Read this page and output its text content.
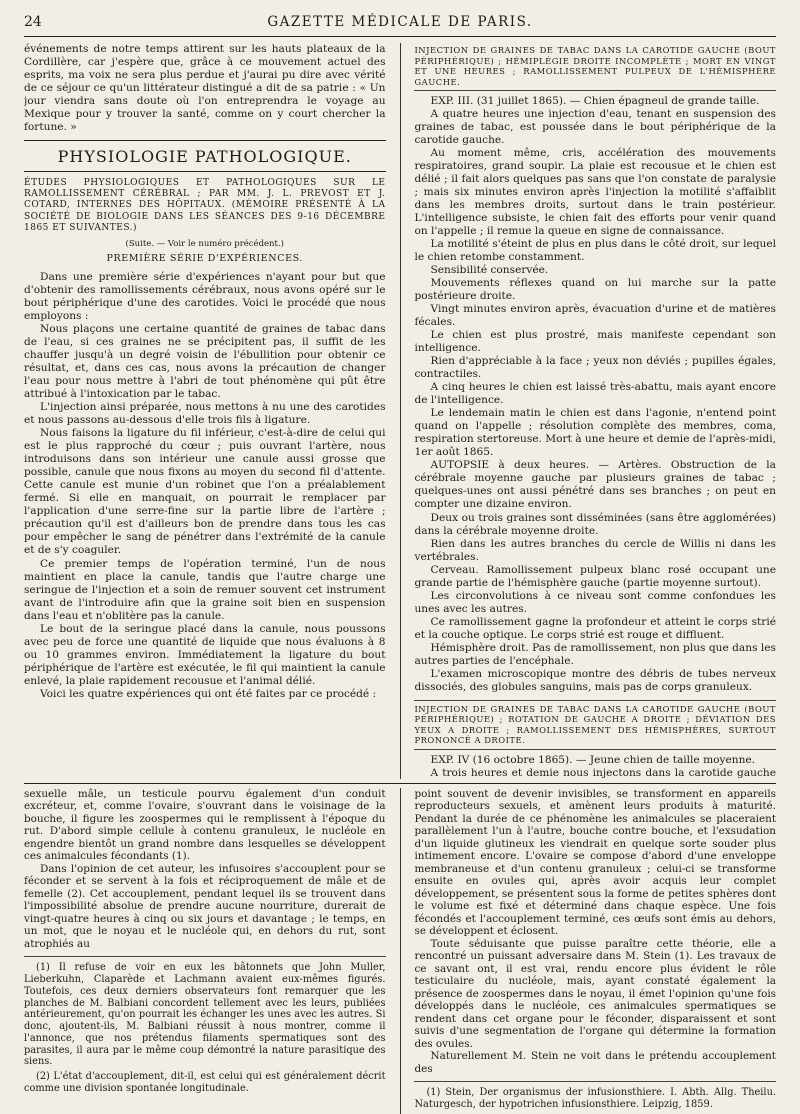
24	GAZETTE MÉDICALE DE PARIS.

événements de notre temps attirent sur les hauts plateaux de la Cordillère, car j'espère que, grâce à ce mouvement actuel des esprits, ma voix ne sera plus perdue et j'aurai pu dire avec vérité de ce séjour ce qu'un littérateur distingué a dit de sa patrie : « Un jour viendra sans doute où l'on entreprendra le voyage au Mexique pour y trouver la santé, comme on y court chercher la fortune. »

PHYSIOLOGIE PATHOLOGIQUE.

ÉTUDES PHYSIOLOGIQUES ET PATHOLOGIQUES SUR LE RAMOLLISSEMENT CÉRÉBRAL ; PAR MM. J. L. PREVOST ET J. COTARD, INTERNES DES HÔPITAUX. (MÉMOIRE PRÉSENTÉ À LA SOCIÉTÉ DE BIOLOGIE DANS LES SÉANCES DES 9-16 DÉCEMBRE 1865 ET SUIVANTES.)

(Suite. — Voir le numéro précédent.)
PREMIÈRE SÉRIE D'EXPÉRIENCES.

Dans une première série d'expériences n'ayant pour but que d'obtenir des ramollissements cérébraux, nous avons opéré sur le bout périphérique d'une des carotides. Voici le procédé que nous employons :

Nous plaçons une certaine quantité de graines de tabac dans de l'eau, si ces graines ne se précipitent pas, il suffit de les chauffer jusqu'à un degré voisin de l'ébullition pour obtenir ce résultat, et, dans ces cas, nous avons la précaution de changer l'eau pour nous mettre à l'abri de tout phénomène qui pût être attribué à l'intoxication par le tabac.

L'injection ainsi préparée, nous mettons à nu une des carotides et nous passons au-dessous d'elle trois fils à ligature.

Nous faisons la ligature du fil inférieur, c'est-à-dire de celui qui est le plus rapproché du cœur ; puis ouvrant l'artère, nous introduisons dans son intérieur une canule aussi grosse que possible, canule que nous fixons au moyen du second fil d'attente. Cette canule est munie d'un robinet que l'on a préalablement fermé. Si elle en manquait, on pourrait le remplacer par l'application d'une serre-fine sur la partie libre de l'artère ; précaution qu'il est d'ailleurs bon de prendre dans tous les cas pour empêcher le sang de pénétrer dans l'extrémité de la canule et de s'y coaguler.

Ce premier temps de l'opération terminé, l'un de nous maintient en place la canule, tandis que l'autre charge une seringue de l'injection et a soin de remuer souvent cet instrument avant de l'introduire afin que la graine soit bien en suspension dans l'eau et n'oblitère pas la canule.

Le bout de la seringue placé dans la canule, nous poussons avec peu de force une quantité de liquide que nous évaluons à 8 ou 10 grammes environ. Immédiatement la ligature du bout périphérique de l'artère est exécutée, le fil qui maintient la canule enlevé, la plaie rapidement recousue et l'animal délié.

Voici les quatre expériences qui ont été faites par ce procédé :

INJECTION DE GRAINES DE TABAC DANS LA CAROTIDE GAUCHE (BOUT PÉRIPHÉRIQUE) ; HÉMIPLÉGIE DROITE INCOMPLÈTE ; MORT EN VINGT ET UNE HEURES ; RAMOLLISSEMENT PULPEUX DE L'HÉMISPHÈRE GAUCHE.

EXP. III. (31 juillet 1865). — Chien épagneul de grande taille.

A quatre heures une injection d'eau, tenant en suspension des graines de tabac, est poussée dans le bout périphérique de la carotide gauche.

Au moment même, cris, accélération des mouvements respiratoires, grand soupir. La plaie est recousue et le chien est délié ; il fait alors quelques pas sans que l'on constate de paralysie ; mais six minutes environ après l'injection la motilité s'affaiblit dans les membres droits, surtout dans le train postérieur. L'intelligence subsiste, le chien fait des efforts pour venir quand on l'appelle ; il remue la queue en signe de connaissance.

La motilité s'éteint de plus en plus dans le côté droit, sur lequel le chien retombe constamment.

Sensibilité conservée.

Mouvements réflexes quand on lui marche sur la patte postérieure droite.

Vingt minutes environ après, évacuation d'urine et de matières fécales.

Le chien est plus prostré, mais manifeste cependant son intelligence.

Rien d'appréciable à la face ; yeux non déviés ; pupilles égales, contractiles.

A cinq heures le chien est laissé très-abattu, mais ayant encore de l'intelligence.

Le lendemain matin le chien est dans l'agonie, n'entend point quand on l'appelle ; résolution complète des membres, coma, respiration stertoreuse. Mort à une heure et demie de l'après-midi, 1er août 1865.

AUTOPSIE à deux heures. — Artères. Obstruction de la cérébrale moyenne gauche par plusieurs graines de tabac ; quelques-unes ont aussi pénétré dans ses branches ; on peut en compter une dizaine environ.

Deux ou trois graines sont disséminées (sans être agglomérées) dans la cérébrale moyenne droite.

Rien dans les autres branches du cercle de Willis ni dans les vertébrales.

Cerveau. Ramollissement pulpeux blanc rosé occupant une grande partie de l'hémisphère gauche (partie moyenne surtout).

Les circonvolutions à ce niveau sont comme confondues les unes avec les autres.

Ce ramollissement gagne la profondeur et atteint le corps strié et la couche optique. Le corps strié est rouge et diffluent.

Hémisphère droit. Pas de ramollissement, non plus que dans les autres parties de l'encéphale.

L'examen microscopique montre des débris de tubes nerveux dissociés, des globules sanguins, mais pas de corps granuleux.

INJECTION DE GRAINES DE TABAC DANS LA CAROTIDE GAUCHE (BOUT PÉRIPHÉRIQUE) ; ROTATION DE GAUCHE A DROITE ; DÉVIATION DES YEUX A DROITE ; RAMOLLISSEMENT DES HÉMISPHÈRES, SURTOUT PRONONCÉ A DROITE.

EXP. IV (16 octobre 1865). — Jeune chien de taille moyenne.

A trois heures et demie nous injectons dans la carotide gauche

sexuelle mâle, un testicule pourvu également d'un conduit excréteur, et, comme l'ovaire, s'ouvrant dans le voisinage de la bouche, il figure les zoospermes qui le remplissent à l'époque du rut. D'abord simple cellule à contenu granuleux, le nucléole en engendre bientôt un grand nombre dans lesquelles se développent ces animalcules fécondants (1).

Dans l'opinion de cet auteur, les infusoires s'accouplent pour se féconder et se servent à la fois et réciproquement de mâle et de femelle (2). Cet accouplement, pendant lequel ils se trouvent dans l'impossibilité absolue de prendre aucune nourriture, durerait de vingt-quatre heures à cinq ou six jours et davantage ; le temps, en un mot, que le noyau et le nucléole qui, en dehors du rut, sont atrophiés au

(1) Il refuse de voir en eux les bâtonnets que John Muller, Lieberkuhn, Claparède et Lachmann avaient eux-mêmes figurés. Toutefois, ces deux derniers observateurs font remarquer que les planches de M. Balbiani concordent tellement avec les leurs, publiées antérieurement, qu'on pourrait les échanger les unes avec les autres. Si donc, ajoutent-ils, M. Balbiani réussit à nous montrer, comme il l'annonce, que nos prétendus filaments spermatiques sont des parasites, il aura par le même coup démontré la nature parasitique des siens.

(2) L'état d'accouplement, dit-il, est celui qui est généralement décrit comme une division spontanée longitudinale.

point souvent de devenir invisibles, se transforment en appareils reproducteurs sexuels, et amènent leurs produits à maturité. Pendant la durée de ce phénomène les animalcules se placeraient parallèlement l'un à l'autre, bouche contre bouche, et l'exsudation d'un liquide glutineux les viendrait en quelque sorte souder plus intimement encore. L'ovaire se compose d'abord d'une enveloppe membraneuse et d'un contenu granuleux ; celui-ci se transforme ensuite en ovules qui, après avoir acquis leur complet développement, se présentent sous la forme de petites sphères dont le volume est fixé et déterminé dans chaque espèce. Une fois fécondés et l'accouplement terminé, ces œufs sont émis au dehors, se développent et éclosent.

Toute séduisante que puisse paraître cette théorie, elle a rencontré un puissant adversaire dans M. Stein (1). Les travaux de ce savant ont, il est vrai, rendu encore plus évident le rôle testiculaire du nucléole, mais, ayant constaté également la présence de zoospermes dans le noyau, il émet l'opinion qu'une fois développés dans le nucléole, ces animalcules spermatiques se rendent dans cet organe pour le féconder, disparaissent et sont suivis d'une segmentation de l'organe qui détermine la formation des ovules.

Naturellement M. Stein ne voit dans le prétendu accouplement des

(1) Stein, Der organismus der infusionsthiere. I. Abth. Allg. Theilu. Naturgesch, der hypotrichen infusionsthiere. Leipzig, 1859.
